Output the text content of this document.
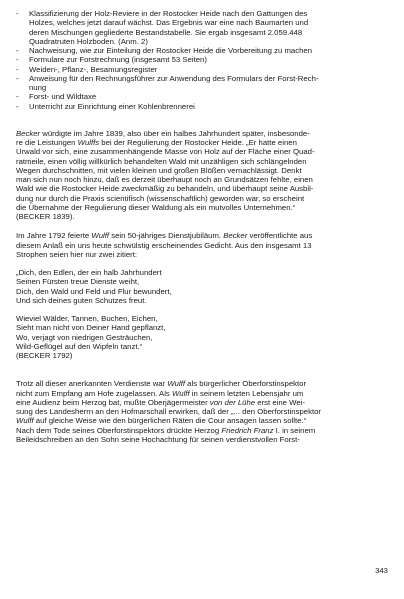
- Klassifizierung der Holz-Reviere in der Rostocker Heide nach den Gattungen des
Holzes, welches jetzt darauf wächst. Das Ergebnis war eine nach Baumarten und
deren Mischungen gegliederte Bestandstabelle. Sie ergab insgesamt 2.059.448
Quadratruten Holzboden. (Anm. 2)
- Nachweisung, wie zur Einteilung der Rostocker Heide die Vorbereitung zu machen
- Formulare zur Forstrechnung (insgesamt 53 Seiten)
- Weiden-, Pflanz-, Besamungsregister
- Anweisung für den Rechnungsführer zur Anwendung des Formulars der Forst-Rech-
nung
- Forst- und Wildtaxe
- Unterricht zur Einrichtung einer Kohlenbrennerei
Becker würdigte im Jahre 1839, also über ein halbes Jahrhundert später, insbesonde-
re die Leistungen Wulffs bei der Regulierung der Rostocker Heide. „Er hatte einen
Urwald vor sich, eine zusammenhängende Masse von Holz auf der Fläche einer Quad-
ratmeile, einen völlig willkürlich behandelten Wald mit unzähligen sich schlängelnden
Wegen durchschnitten, mit vielen kleinen und großen Blößen vernachlässigt. Denkt
man sich nun noch hinzu, daß es derzeit überhaupt noch an Grundsätzen fehlte, einen
Wald wie die Rostocker Heide zweckmäßig zu behandeln, und überhaupt seine Ausbil-
dung nur durch die Praxis scientifisch (wissenschaftlich) geworden war, so erscheint
die Übernahme der Regulierung dieser Waldung als ein mutvolles Unternehmen.“
(BECKER 1839).
Im Jahre 1792 feierte Wulff sein 50-jähriges Dienstjubiläum. Becker veröffentlichte aus
diesem Anlaß ein uns heute schwülstig erscheinendes Gedicht. Aus den insgesamt 13
Strophen seien hier nur zwei zitiert:
„Dich, den Edlen, der ein halb Jahrhundert
Seinen Fürsten treue Dienste weiht,
Dich, den Wald und Feld und Flur bewundert,
Und sich deines guten Schutzes freut.
Wieviel Wälder, Tannen, Buchen, Eichen,
Sieht man nicht von Deiner Hand gepflanzt,
Wo, verjagt von niedrigen Gesträuchen,
Wild-Geflügel auf den Wipfeln tanzt.“
(BECKER 1792)
Trotz all dieser anerkannten Verdienste war Wulff als bürgerlicher Oberforstinspektor
nicht zum Empfang am Hofe zugelassen. Als Wulff in seinem letzten Lebensjahr um
eine Audienz beim Herzog bat, mußte Oberjägermeister von der Lühe erst eine Wei-
sung des Landesherrn an den Hofmarschall erwirken, daß der „... den Oberforstinspektor
Wulff auf gleiche Weise wie den bürgerlichen Räten die Cour ansagen lassen sollte.“
Nach dem Tode seines Oberforstinspektors drückte Herzog Friedrich Franz I. in seinem
Beileidschreiben an den Sohn seine Hochachtung für seinen verdienstvollen Forst-
343
